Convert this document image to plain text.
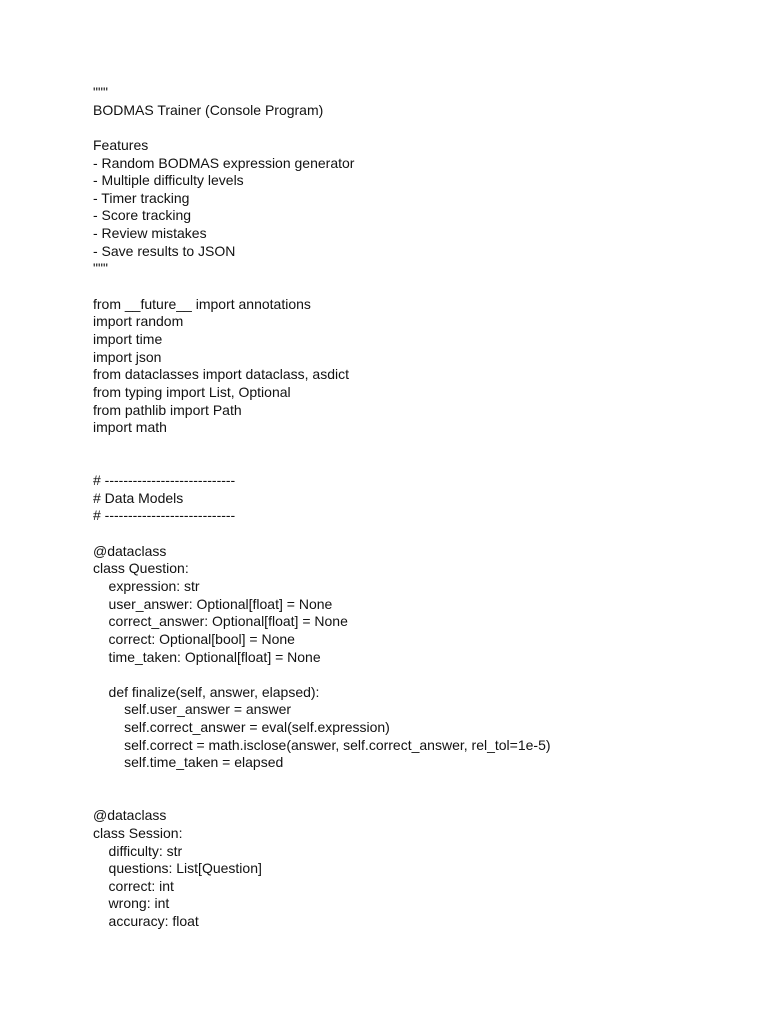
"""
BODMAS Trainer (Console Program)
Features
- Random BODMAS expression generator
- Multiple difficulty levels
- Timer tracking
- Score tracking
- Review mistakes
- Save results to JSON
"""
from __future__ import annotations
import random
import time
import json
from dataclasses import dataclass, asdict
from typing import List, Optional
from pathlib import Path
import math
# ----------------------------
# Data Models
# ----------------------------
@dataclass
class Question:
expression: str
user_answer: Optional[float] = None
correct_answer: Optional[float] = None
correct: Optional[bool] = None
time_taken: Optional[float] = None
def finalize(self, answer, elapsed):
self.user_answer = answer
self.correct_answer = eval(self.expression)
self.correct = math.isclose(answer, self.correct_answer, rel_tol=1e-5)
self.time_taken = elapsed
@dataclass
class Session:
difficulty: str
questions: List[Question]
correct: int
wrong: int
accuracy: float
